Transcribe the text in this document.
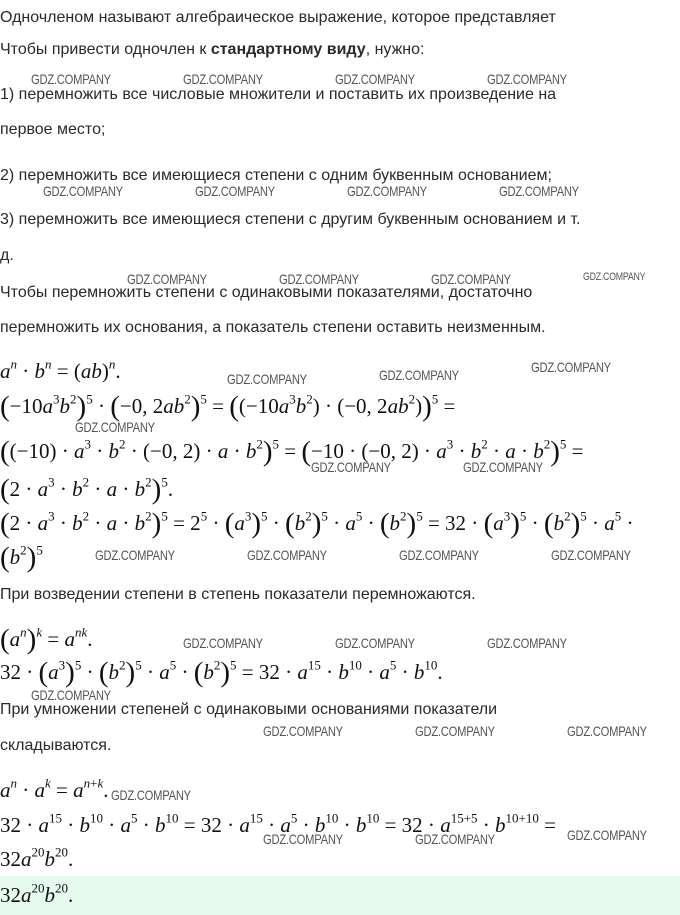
Одночленом называют алгебраическое выражение, которое представляет

Чтобы привести одночлен к стандартному виду, нужно:

1) перемножить все числовые множители и поставить их произведение на

первое место;

2) перемножить все имеющиеся степени с одним буквенным основанием;

3) перемножить все имеющиеся степени с другим буквенным основанием и т.

д.

Чтобы перемножить степени с одинаковыми показателями, достаточно

перемножить их основания, а показатель степени оставить неизменным.

$a^n \cdot b^n = (ab)^n$.
$(-10a^3b^2)^5 \cdot (-0$, $2ab^2)^5 = ((-10a^3b^2) \cdot (-0$, $2ab^2))^5$ =
($(-10) \cdot a^3 \cdot b^2 \cdot (-0$, $2) \cdot a \cdot b^2)^5 = (-10 \cdot (-0$, $2) \cdot a^3 \cdot b^2 \cdot a \cdot b^2)^5$ =
$(2 \cdot a^3 \cdot b^2 \cdot a \cdot b^2)^5$.
$(2 \cdot a^3 \cdot b^2 \cdot a \cdot b^2)^5 = 2^5 \cdot (a^3)^5 \cdot (b^2)^5 \cdot a^5 \cdot (b^2)^5 = 32 \cdot (a^3)^5 \cdot (b^2)^5 \cdot a^5$ ·
$(b^2)^5$

При возведении степени в степень показатели перемножаются.

$(a^n)^k = a^{nk}$.
$32 \cdot (a^3)^5 \cdot (b^2)^5 \cdot a^5 \cdot (b^2)^5 = 32 \cdot a^{15} \cdot b^{10} \cdot a^5 \cdot b^{10}$.

При умножении степеней с одинаковыми основаниями показатели

складываются.

$a^n \cdot a^k = a^{n+k}$.
$32 \cdot a^{15} \cdot b^{10} \cdot a^5 \cdot b^{10} = 32 \cdot a^{15} \cdot a^5 \cdot b^{10} \cdot b^{10} = 32 \cdot a^{15+5} \cdot b^{10+10}$ =
$32a^{20}b^{20}$.
$32a^{20}b^{20}$.
GDZ.COMPANY	GDZ.COMPANY	GDZ.COMPANY	GDZ.COMPANY
GDZ.COMPANY	GDZ.COMPANY	GDZ.COMPANY	GDZ.COMPANY
GDZ.COMPANY	GDZ.COMPANY	GDZ.COMPANY	GDZ.COMPANY
GDZ.COMPANY
GDZ.COMPANY	GDZ.COMPANY
GDZ.COMPANY
GDZ.COMPANY	GDZ.COMPANY
GDZ.COMPANY	GDZ.COMPANY	GDZ.COMPANY	GDZ.COMPANY
GDZ.COMPANY	GDZ.COMPANY	GDZ.COMPANY
GDZ.COMPANY
GDZ.COMPANY	GDZ.COMPANY	GDZ.COMPANY
GDZ.COMPANY
GDZ.COMPANY	GDZ.COMPANY	GDZ.COMPANY
